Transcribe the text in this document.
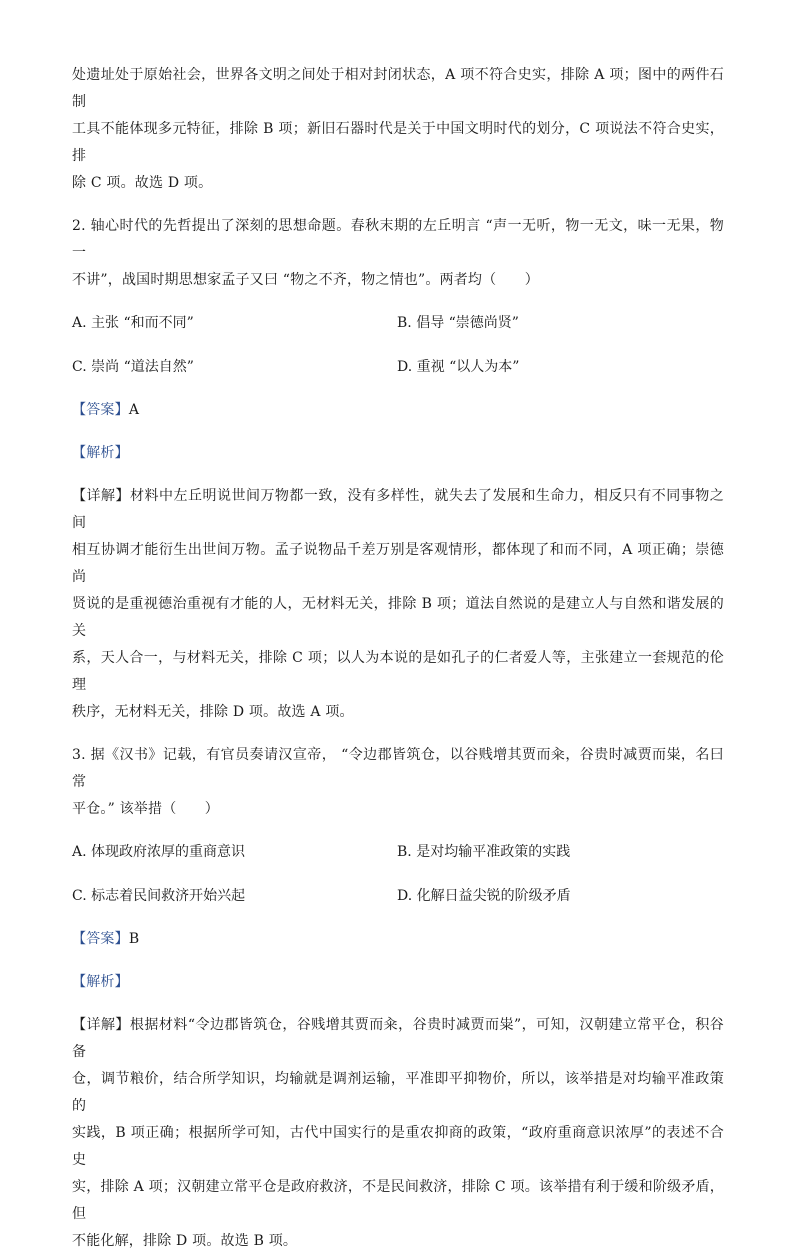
处遗址处于原始社会，世界各文明之间处于相对封闭状态，A 项不符合史实，排除 A 项；图中的两件石制

工具不能体现多元特征，排除 B 项；新旧石器时代是关于中国文明时代的划分，C 项说法不符合史实，排

除 C 项。故选 D 项。

2. 轴心时代的先哲提出了深刻的思想命题。春秋末期的左丘明言 “声一无听，物一无文，味一无果，物一

不讲”，战国时期思想家孟子又曰 “物之不齐，物之情也”。两者均（　　）

A. 主张 “和而不同”	B. 倡导 “崇德尚贤”
C. 崇尚 “道法自然”	D. 重视 “以人为本”

【答案】A

【解析】

【详解】材料中左丘明说世间万物都一致，没有多样性，就失去了发展和生命力，相反只有不同事物之间

相互协调才能衍生出世间万物。孟子说物品千差万别是客观情形，都体现了和而不同，A 项正确；崇德尚

贤说的是重视德治重视有才能的人，无材料无关，排除 B 项；道法自然说的是建立人与自然和谐发展的关

系，天人合一，与材料无关，排除 C 项；以人为本说的是如孔子的仁者爱人等，主张建立一套规范的伦理

秩序，无材料无关，排除 D 项。故选 A 项。

3. 据《汉书》记载，有官员奏请汉宣帝， “令边郡皆筑仓，以谷贱增其贾而籴，谷贵时减贾而粜，名曰常

平仓。” 该举措（　　）

A. 体现政府浓厚的重商意识	B. 是对均输平准政策的实践
C. 标志着民间救济开始兴起	D. 化解日益尖锐的阶级矛盾

【答案】B

【解析】

【详解】根据材料“令边郡皆筑仓，谷贱增其贾而籴，谷贵时减贾而粜”，可知，汉朝建立常平仓，积谷备

仓，调节粮价，结合所学知识，均输就是调剂运输，平准即平抑物价，所以，该举措是对均输平准政策的

实践，B 项正确；根据所学可知，古代中国实行的是重农抑商的政策，“政府重商意识浓厚”的表述不合史

实，排除 A 项；汉朝建立常平仓是政府救济，不是民间救济，排除 C 项。该举措有利于缓和阶级矛盾，但

不能化解，排除 D 项。故选 B 项。
